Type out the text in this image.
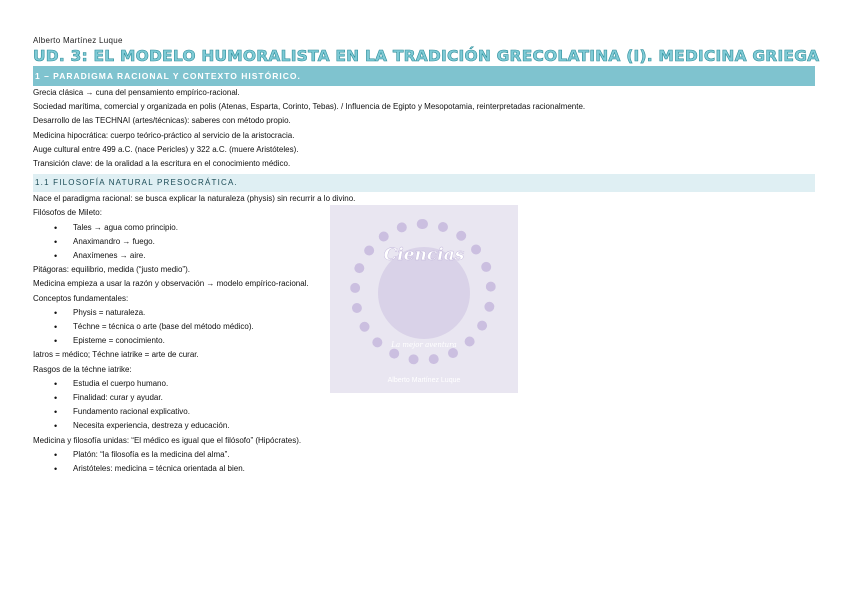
Ciencias
La mejor aventura
Alberto Martínez Luque
Alberto Martínez Luque
UD. 3: EL MODELO HUMORALISTA EN LA TRADICIÓN GRECOLATINA (I). MEDICINA GRIEGA
1 – PARADIGMA RACIONAL Y CONTEXTO HISTÓRICO.
Grecia clásica → cuna del pensamiento empírico-racional.
Sociedad marítima, comercial y organizada en polis (Atenas, Esparta, Corinto, Tebas). / Influencia de Egipto y Mesopotamia, reinterpretadas racionalmente.
Desarrollo de las TECHNAI (artes/técnicas): saberes con método propio.
Medicina hipocrática: cuerpo teórico-práctico al servicio de la aristocracia.
Auge cultural entre 499 a.C. (nace Pericles) y 322 a.C. (muere Aristóteles).
Transición clave: de la oralidad a la escritura en el conocimiento médico.
1.1 FILOSOFÍA NATURAL PRESOCRÁTICA.
Nace el paradigma racional: se busca explicar la naturaleza (physis) sin recurrir a lo divino.
Filósofos de Mileto:
• Tales → agua como principio.
• Anaximandro → fuego.
• Anaxímenes → aire.
Pitágoras: equilibrio, medida (“justo medio”).
Medicina empieza a usar la razón y observación → modelo empírico-racional.
Conceptos fundamentales:
• Physis = naturaleza.
• Téchne = técnica o arte (base del método médico).
• Episteme = conocimiento.
Iatros = médico; Téchne iatrike = arte de curar.
Rasgos de la téchne iatrike:
• Estudia el cuerpo humano.
• Finalidad: curar y ayudar.
• Fundamento racional explicativo.
• Necesita experiencia, destreza y educación.
Medicina y filosofía unidas: “El médico es igual que el filósofo” (Hipócrates).
• Platón: “la filosofía es la medicina del alma”.
• Aristóteles: medicina = técnica orientada al bien.
